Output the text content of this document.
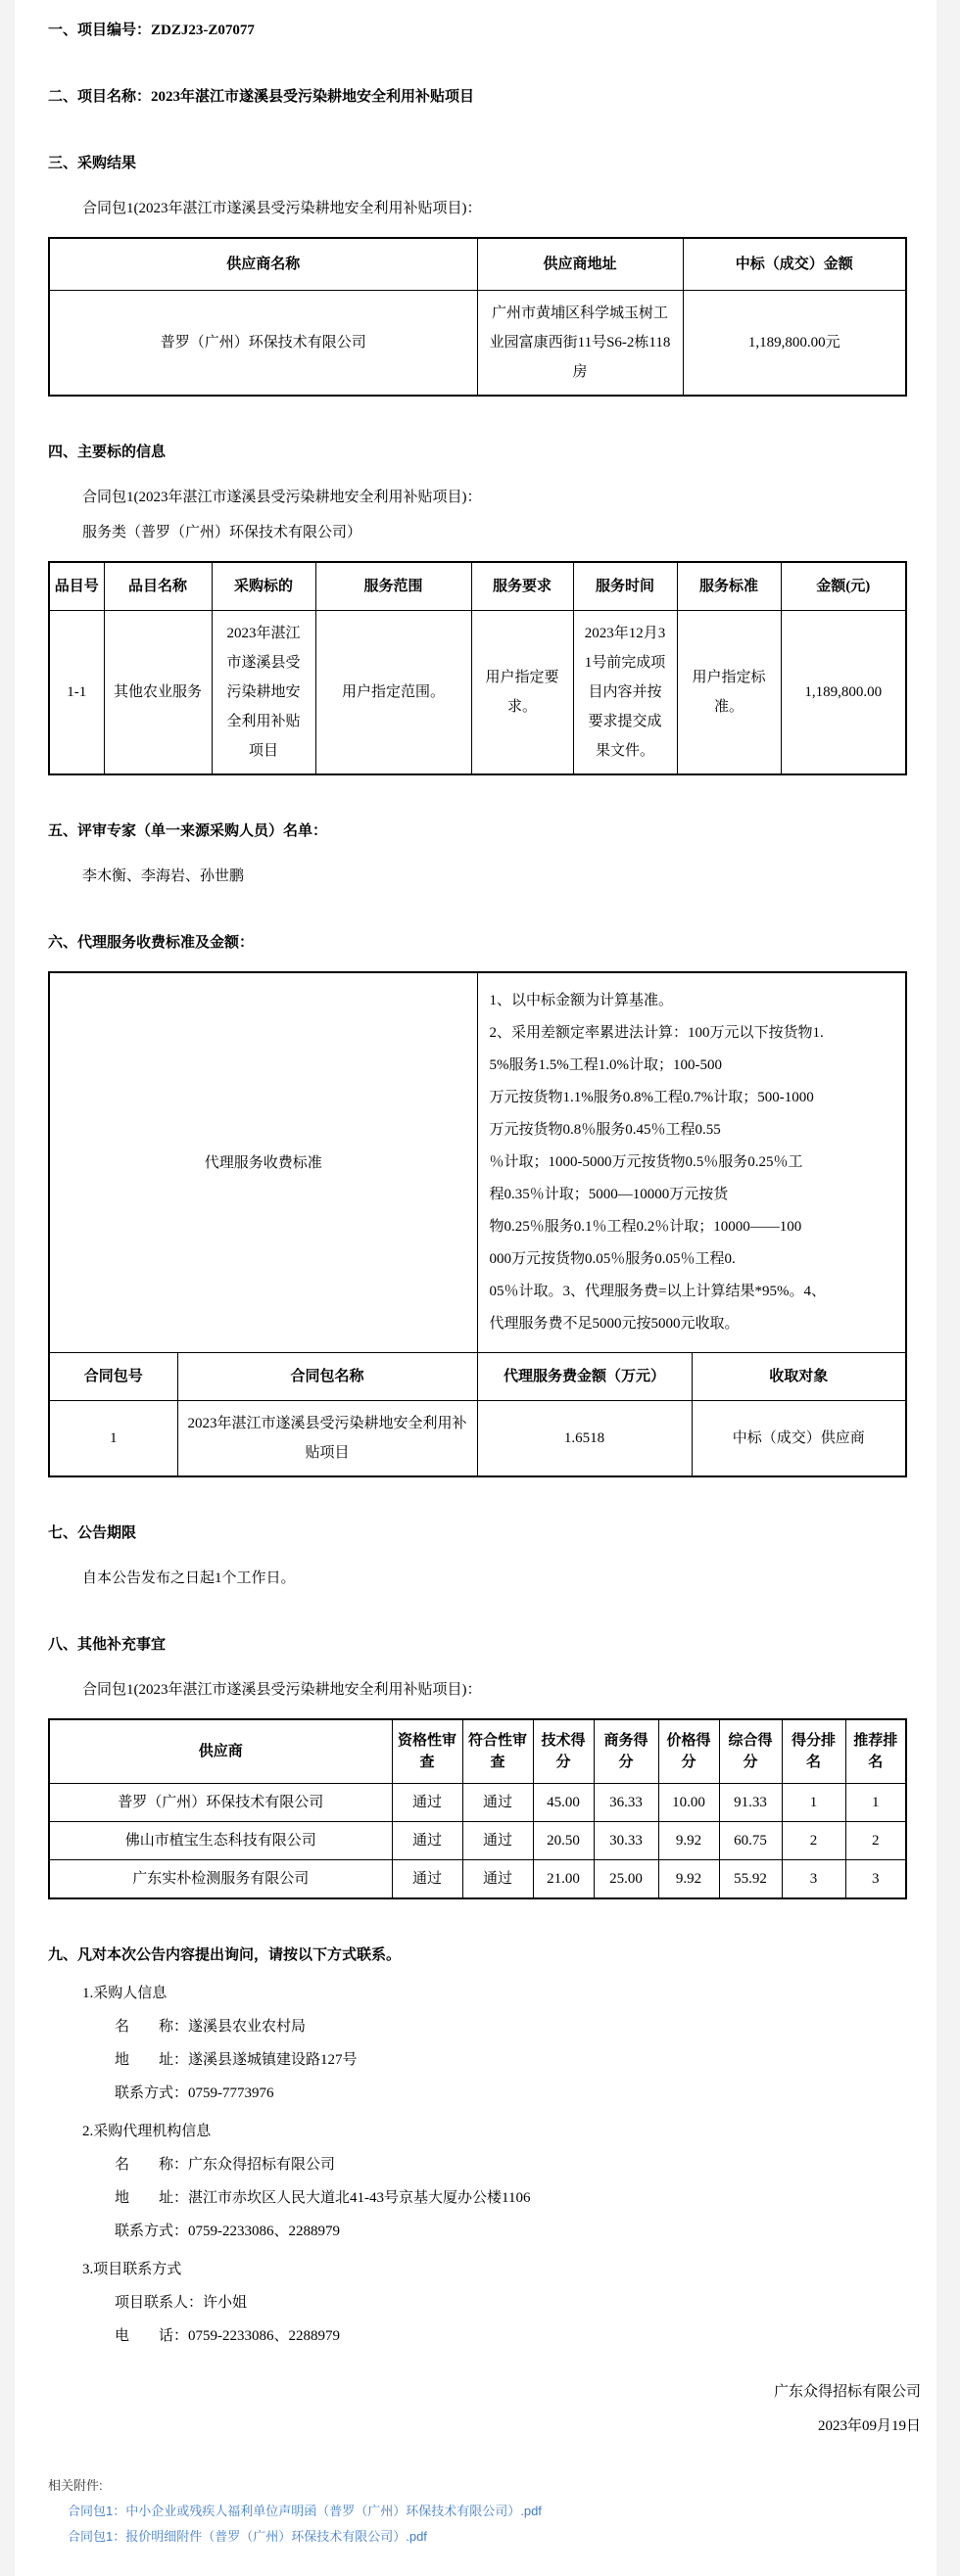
一、项目编号：ZDZJ23-Z07077
二、项目名称：2023年湛江市遂溪县受污染耕地安全利用补贴项目
三、采购结果
合同包1(2023年湛江市遂溪县受污染耕地安全利用补贴项目)：
供应商名称	供应商地址	中标（成交）金额
普罗（广州）环保技术有限公司	广州市黄埔区科学城玉树工业园富康西街11号S6-2栋118房	1,189,800.00元
四、主要标的信息
合同包1(2023年湛江市遂溪县受污染耕地安全利用补贴项目)：
服务类（普罗（广州）环保技术有限公司）
品目号	品目名称	采购标的	服务范围	服务要求	服务时间	服务标准	金额(元)
1-1	其他农业服务	2023年湛江市遂溪县受污染耕地安全利用补贴项目	用户指定范围。	用户指定要求。	2023年12月31号前完成项目内容并按要求提交成果文件。	用户指定标准。	1,189,800.00
五、评审专家（单一来源采购人员）名单：
李木衡、李海岩、孙世鹏
六、代理服务收费标准及金额：
代理服务收费标准	
1、以中标金额为计算基准。
2、采用差额定率累进法计算：100万元以下按货物1.
5%服务1.5%工程1.0%计取；100-500
万元按货物1.1%服务0.8%工程0.7%计取；500-1000
万元按货物0.8％服务0.45％工程0.55
％计取；1000-5000万元按货物0.5％服务0.25％工
程0.35％计取；5000—10000万元按货
物0.25％服务0.1％工程0.2％计取；10000——100
000万元按货物0.05％服务0.05％工程0.
05％计取。3、代理服务费=以上计算结果*95%。4、
代理服务费不足5000元按5000元收取。

合同包号	合同包名称	代理服务费金额（万元）	收取对象
1	2023年湛江市遂溪县受污染耕地安全利用补贴项目	1.6518	中标（成交）供应商
七、公告期限
自本公告发布之日起1个工作日。
八、其他补充事宜
合同包1(2023年湛江市遂溪县受污染耕地安全利用补贴项目)：
供应商	资格性审查	符合性审查	技术得分	商务得分	价格得分	综合得分	得分排名	推荐排名
普罗（广州）环保技术有限公司	通过	通过	45.00	36.33	10.00	91.33	1	1
佛山市植宝生态科技有限公司	通过	通过	20.50	30.33	9.92	60.75	2	2
广东实朴检测服务有限公司	通过	通过	21.00	25.00	9.92	55.92	3	3
九、凡对本次公告内容提出询问，请按以下方式联系。
1.采购人信息
名　　称：遂溪县农业农村局
地　　址：遂溪县遂城镇建设路127号
联系方式：0759-7773976
2.采购代理机构信息
名　　称：广东众得招标有限公司
地　　址：湛江市赤坎区人民大道北41-43号京基大厦办公楼1106
联系方式：0759-2233086、2288979
3.项目联系方式
项目联系人：许小姐
电　　话：0759-2233086、2288979
广东众得招标有限公司
2023年09月19日
相关附件:
合同包1：中小企业或残疾人福利单位声明函（普罗（广州）环保技术有限公司）.pdf
合同包1：报价明细附件（普罗（广州）环保技术有限公司）.pdf
